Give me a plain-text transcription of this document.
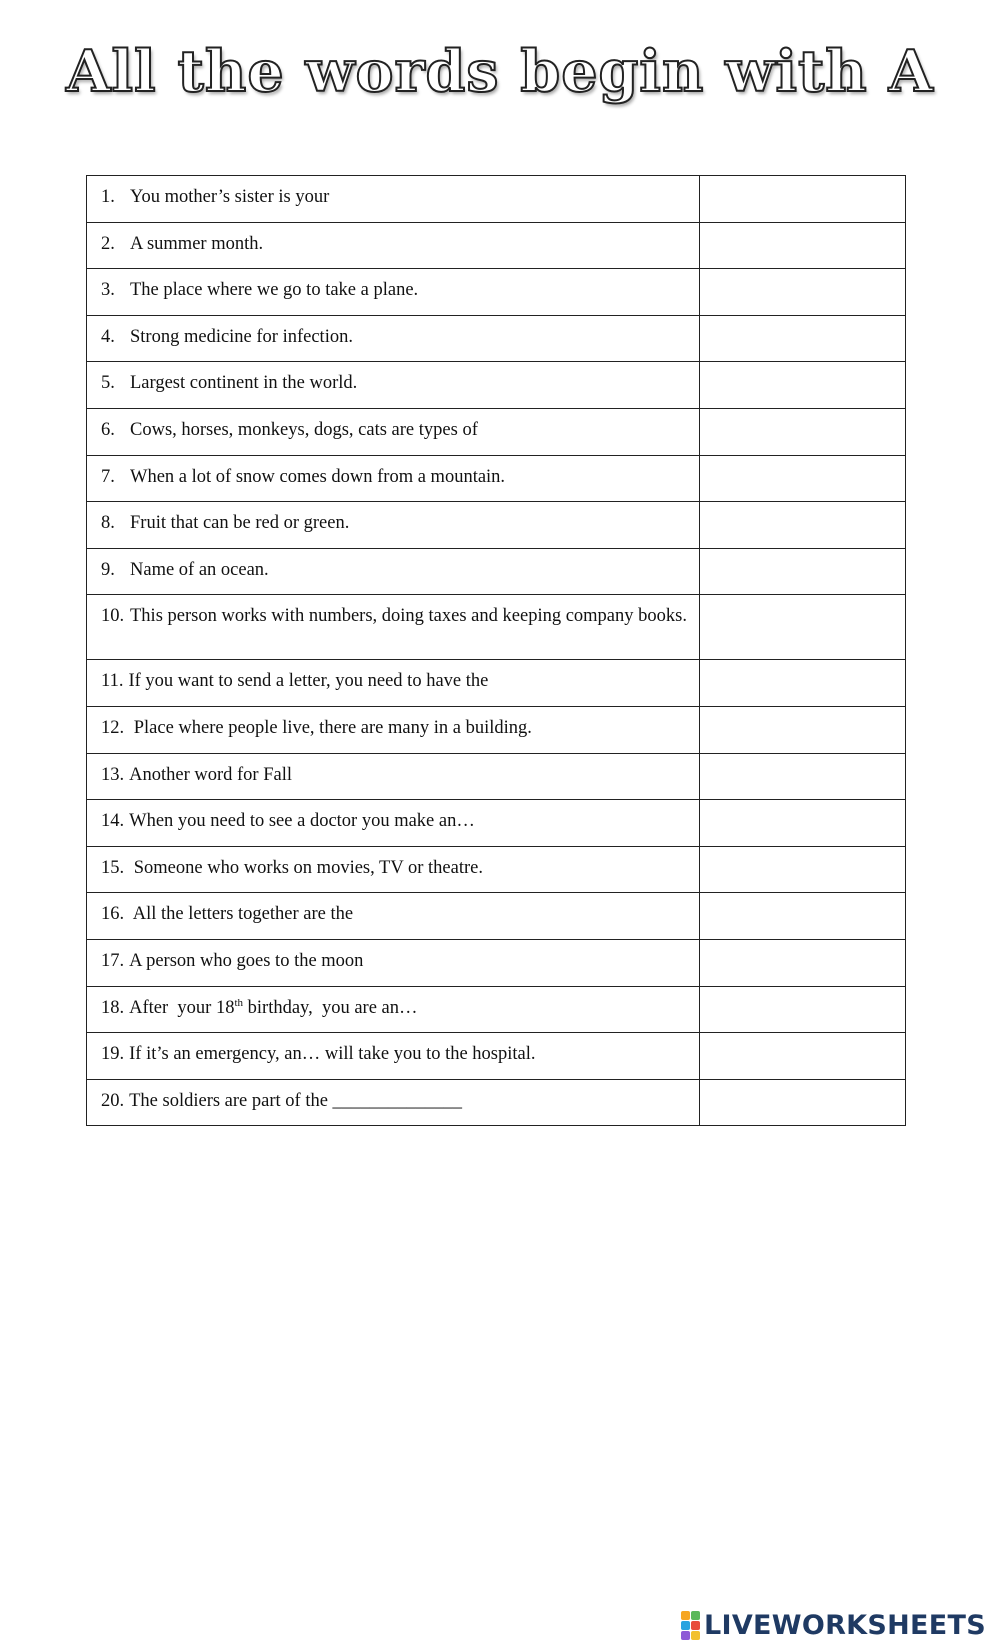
All the words begin with A
1. You mother’s sister is your

2. A summer month.

3. The place where we go to take a plane.

4. Strong medicine for infection.

5. Largest continent in the world.

6. Cows, horses, monkeys, dogs, cats are types of

7. When a lot of snow comes down from a mountain.

8. Fruit that can be red or green.

9. Name of an ocean.

10. This person works with numbers, doing taxes and keeping company books.

11. If you want to send a letter, you need to have the

12. Place where people live, there are many in a building.

13. Another word for Fall

14. When you need to see a doctor you make an…

15. Someone who works on movies, TV or theatre.

16. All the letters together are the

17. A person who goes to the moon

18. After  your 18th birthday,  you are an…

19. If it’s an emergency, an… will take you to the hospital.

20. The soldiers are part of the ______________

LIVEWORKSHEETS
